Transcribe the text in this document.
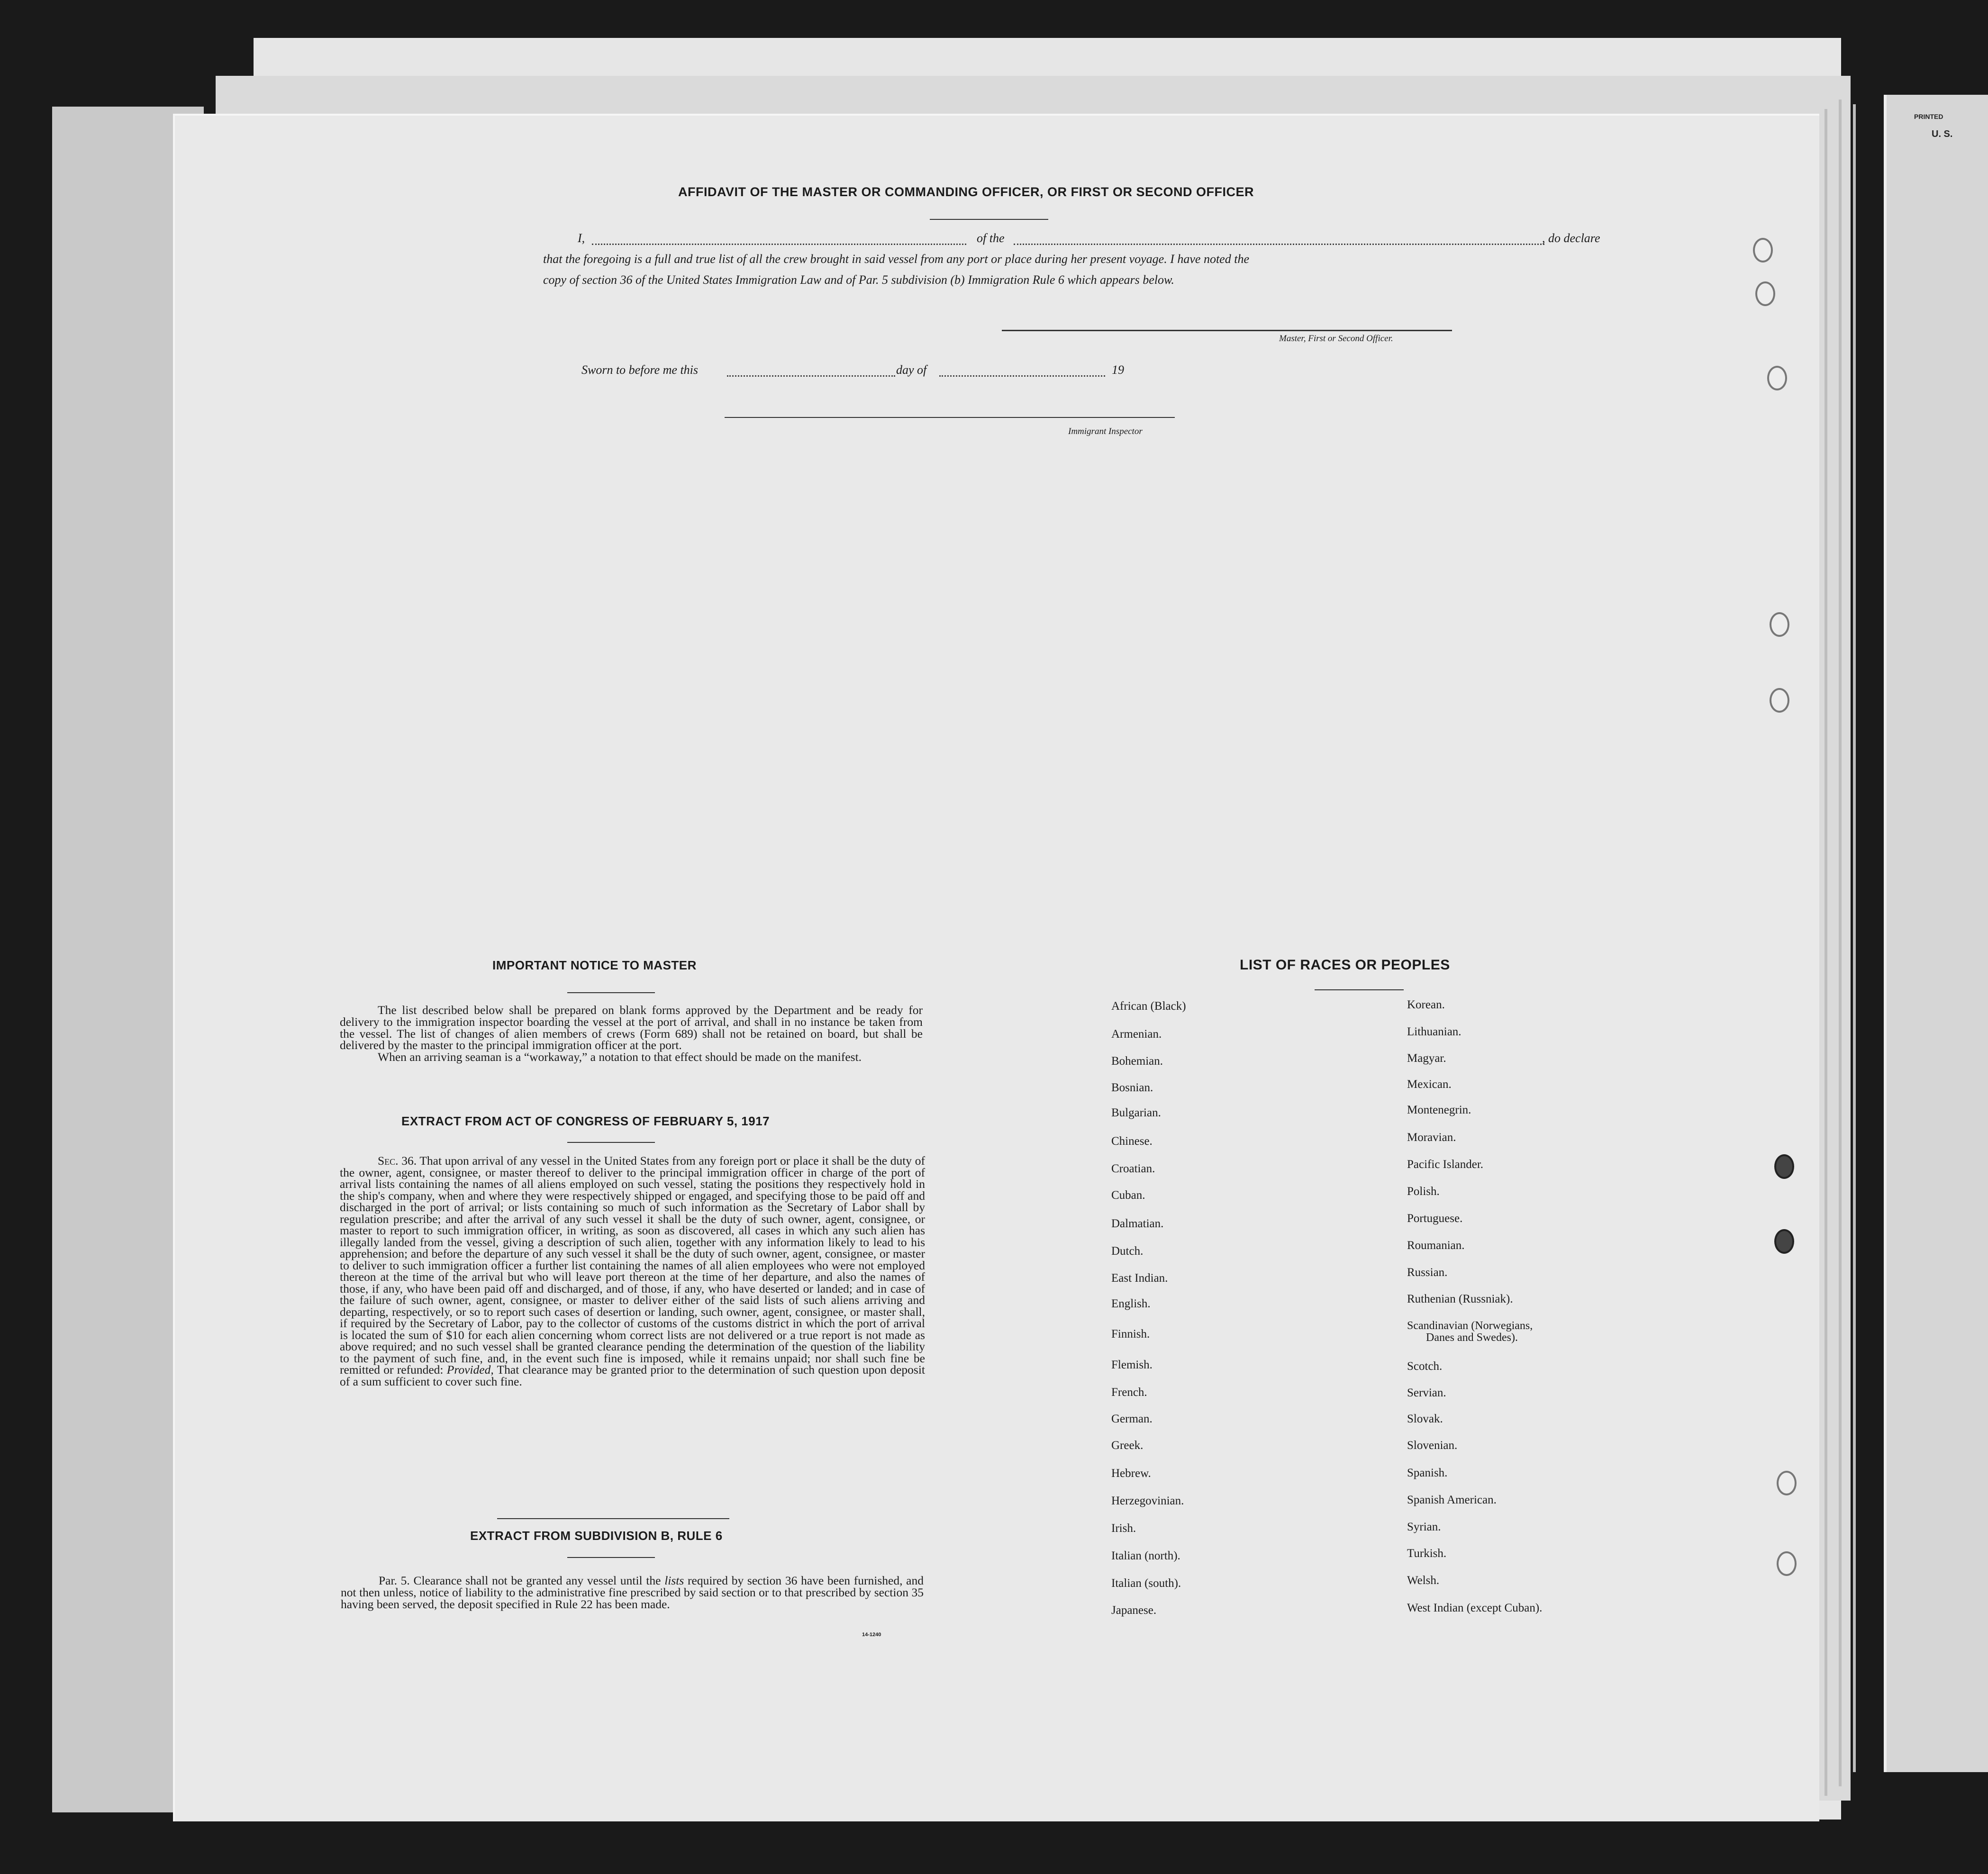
PRINTED
U. S.
AFFIDAVIT OF THE MASTER OR COMMANDING OFFICER, OR FIRST OR SECOND OFFICER
I,	of the	, do declare
that the foregoing is a full and true list of all the crew brought in said vessel from any port or place during her present voyage. I have noted the
copy of section 36 of the United States Immigration Law and of Par. 5 subdivision (b) Immigration Rule 6 which appears below.
Master, First or Second Officer.
Sworn to before me this	day of	19
Immigrant Inspector
IMPORTANT NOTICE TO MASTER

The list described below shall be prepared on blank forms approved by the Department and be ready for delivery to the immigration inspector boarding the vessel at the port of arrival, and shall in no instance be taken from the vessel. The list of changes of alien members of crews (Form 689) shall not be retained on board, but shall be delivered by the master to the principal immigration officer at the port.

When an arriving seaman is a “workaway,” a notation to that effect should be made on the manifest.

EXTRACT FROM ACT OF CONGRESS OF FEBRUARY 5, 1917

Sec. 36. That upon arrival of any vessel in the United States from any foreign port or place it shall be the duty of the owner, agent, consignee, or master thereof to deliver to the principal immigration officer in charge of the port of arrival lists containing the names of all aliens employed on such vessel, stating the positions they respectively hold in the ship's company, when and where they were respectively shipped or engaged, and specifying those to be paid off and discharged in the port of arrival; or lists containing so much of such information as the Secretary of Labor shall by regulation prescribe; and after the arrival of any such vessel it shall be the duty of such owner, agent, consignee, or master to report to such immigration officer, in writing, as soon as discovered, all cases in which any such alien has illegally landed from the vessel, giving a description of such alien, together with any information likely to lead to his apprehension; and before the departure of any such vessel it shall be the duty of such owner, agent, consignee, or master to deliver to such immigration officer a further list containing the names of all alien employees who were not employed thereon at the time of the arrival but who will leave port thereon at the time of her departure, and also the names of those, if any, who have been paid off and discharged, and of those, if any, who have deserted or landed; and in case of the failure of such owner, agent, consignee, or master to deliver either of the said lists of such aliens arriving and departing, respectively, or so to report such cases of desertion or landing, such owner, agent, consignee, or master shall, if required by the Secretary of Labor, pay to the collector of customs of the customs district in which the port of arrival is located the sum of $10 for each alien concerning whom correct lists are not delivered or a true report is not made as above required; and no such vessel shall be granted clearance pending the determination of the question of the liability to the payment of such fine, and, in the event such fine is imposed, while it remains unpaid; nor shall such fine be remitted or refunded: Provided, That clearance may be granted prior to the determination of such question upon deposit of a sum sufficient to cover such fine.

EXTRACT FROM SUBDIVISION B, RULE 6

Par. 5. Clearance shall not be granted any vessel until the lists required by section 36 have been furnished, and not then unless, notice of liability to the administrative fine prescribed by said section or to that prescribed by section 35 having been served, the deposit specified in Rule 22 has been made.

14-1240
LIST OF RACES OR PEOPLES
African (Black)
Armenian.
Bohemian.
Bosnian.
Bulgarian.
Chinese.
Croatian.
Cuban.
Dalmatian.
Dutch.
East Indian.
English.
Finnish.
Flemish.
French.
German.
Greek.
Hebrew.
Herzegovinian.
Irish.
Italian (north).
Italian (south).
Japanese.
Korean.
Lithuanian.
Magyar.
Mexican.
Montenegrin.
Moravian.
Pacific Islander.
Polish.
Portuguese.
Roumanian.
Russian.
Ruthenian (Russniak).
Scandinavian (Norwegians,
Danes and Swedes).
Scotch.
Servian.
Slovak.
Slovenian.
Spanish.
Spanish American.
Syrian.
Turkish.
Welsh.
West Indian (except Cuban).
